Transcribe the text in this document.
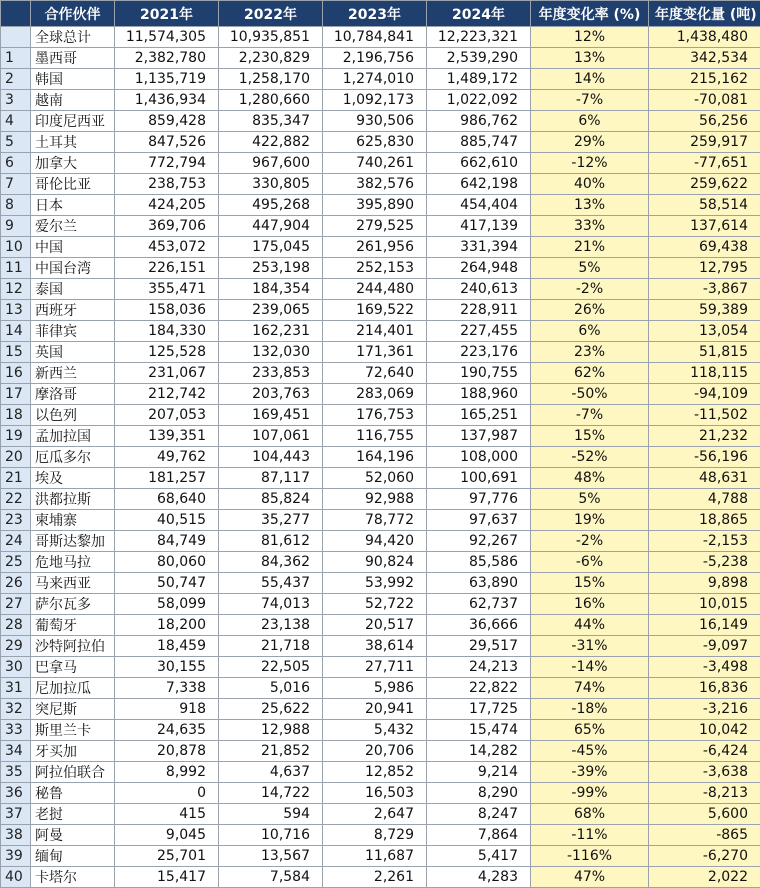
	合作伙伴	2021年	2022年	2023年	2024年	年度变化率 (%)	年度变化量 (吨)
	全球总计	11,574,305	10,935,851	10,784,841	12,223,321	12%	1,438,480
1	墨西哥	2,382,780	2,230,829	2,196,756	2,539,290	13%	342,534
2	韩国	1,135,719	1,258,170	1,274,010	1,489,172	14%	215,162
3	越南	1,436,934	1,280,660	1,092,173	1,022,092	-7%	-70,081
4	印度尼西亚	859,428	835,347	930,506	986,762	6%	56,256
5	土耳其	847,526	422,882	625,830	885,747	29%	259,917
6	加拿大	772,794	967,600	740,261	662,610	-12%	-77,651
7	哥伦比亚	238,753	330,805	382,576	642,198	40%	259,622
8	日本	424,205	495,268	395,890	454,404	13%	58,514
9	爱尔兰	369,706	447,904	279,525	417,139	33%	137,614
10	中国	453,072	175,045	261,956	331,394	21%	69,438
11	中国台湾	226,151	253,198	252,153	264,948	5%	12,795
12	泰国	355,471	184,354	244,480	240,613	-2%	-3,867
13	西班牙	158,036	239,065	169,522	228,911	26%	59,389
14	菲律宾	184,330	162,231	214,401	227,455	6%	13,054
15	英国	125,528	132,030	171,361	223,176	23%	51,815
16	新西兰	231,067	233,853	72,640	190,755	62%	118,115
17	摩洛哥	212,742	203,763	283,069	188,960	-50%	-94,109
18	以色列	207,053	169,451	176,753	165,251	-7%	-11,502
19	孟加拉国	139,351	107,061	116,755	137,987	15%	21,232
20	厄瓜多尔	49,762	104,443	164,196	108,000	-52%	-56,196
21	埃及	181,257	87,117	52,060	100,691	48%	48,631
22	洪都拉斯	68,640	85,824	92,988	97,776	5%	4,788
23	柬埔寨	40,515	35,277	78,772	97,637	19%	18,865
24	哥斯达黎加	84,749	81,612	94,420	92,267	-2%	-2,153
25	危地马拉	80,060	84,362	90,824	85,586	-6%	-5,238
26	马来西亚	50,747	55,437	53,992	63,890	15%	9,898
27	萨尔瓦多	58,099	74,013	52,722	62,737	16%	10,015
28	葡萄牙	18,200	23,138	20,517	36,666	44%	16,149
29	沙特阿拉伯	18,459	21,718	38,614	29,517	-31%	-9,097
30	巴拿马	30,155	22,505	27,711	24,213	-14%	-3,498
31	尼加拉瓜	7,338	5,016	5,986	22,822	74%	16,836
32	突尼斯	918	25,622	20,941	17,725	-18%	-3,216
33	斯里兰卡	24,635	12,988	5,432	15,474	65%	10,042
34	牙买加	20,878	21,852	20,706	14,282	-45%	-6,424
35	阿拉伯联合	8,992	4,637	12,852	9,214	-39%	-3,638
36	秘鲁	0	14,722	16,503	8,290	-99%	-8,213
37	老挝	415	594	2,647	8,247	68%	5,600
38	阿曼	9,045	10,716	8,729	7,864	-11%	-865
39	缅甸	25,701	13,567	11,687	5,417	-116%	-6,270
40	卡塔尔	15,417	7,584	2,261	4,283	47%	2,022
